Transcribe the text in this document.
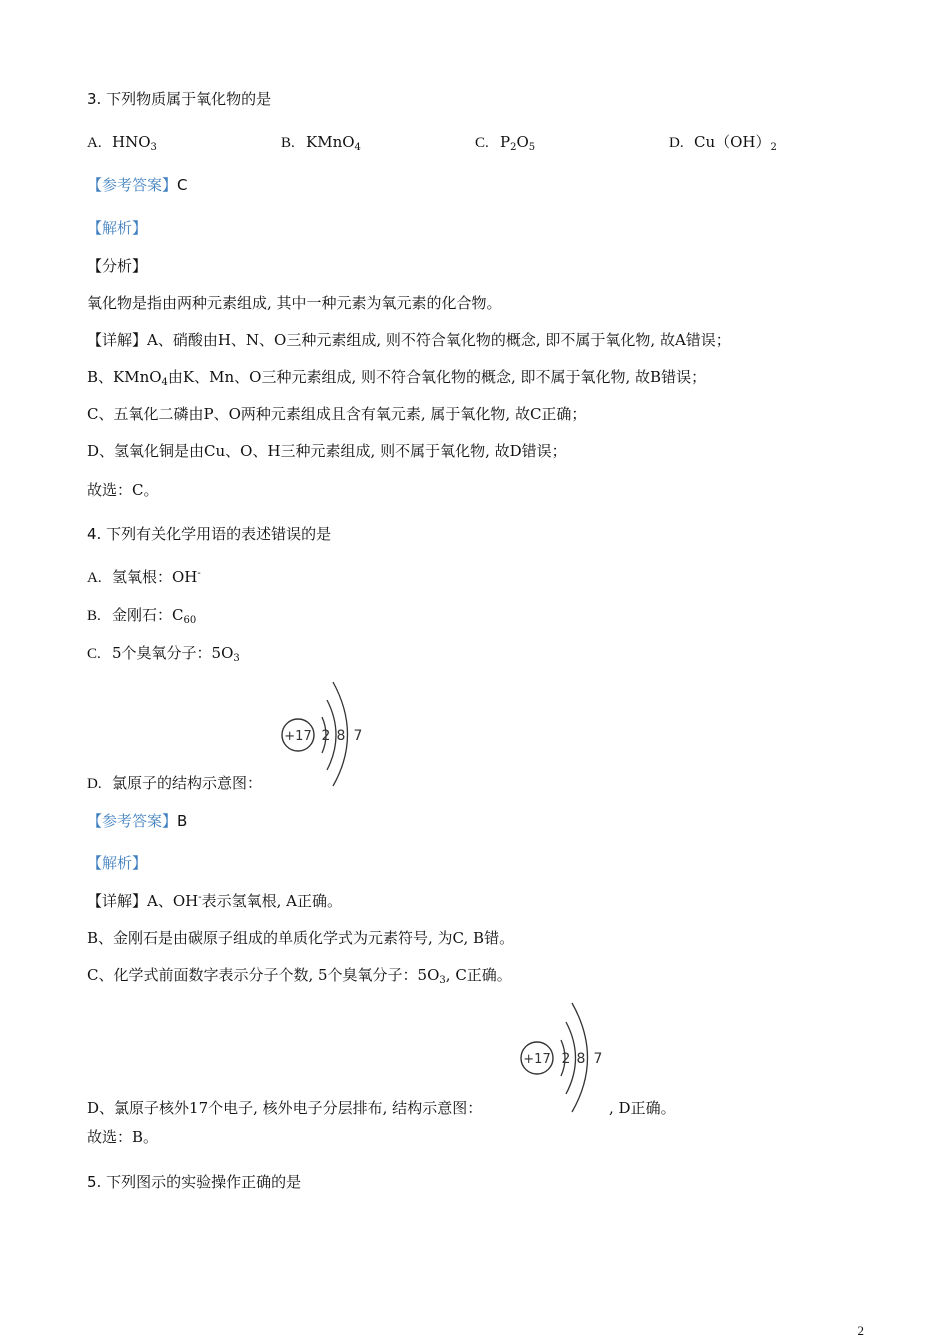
3. 下列物质属于氧化物的是
A. $HNO_3$	B. KMnO$_4$	C. $P_2O_5$	D. $Cu(OH)_2$
【参考答案】C
【解析】
【分析】
氧化物是指由两种元素组成, 其中一种元素为氧元素的化合物。
【详解】A、硝酸由H、N、O三种元素组成, 则不符合氧化物的概念, 即不属于氧化物, 故A错误；
B、KMnO$_4$由K、Mn、O三种元素组成, 则不符合氧化物的概念, 即不属于氧化物, 故B错误；
C、五氧化二磷由P、O两种元素组成且含有氧元素, 属于氧化物, 故C正确；
D、氢氧化铜是由Cu、O、H三种元素组成, 则不属于氧化物, 故D错误；
故选：C。
4. 下列有关化学用语的表述错误的是
A. 氢氧根：OH-
B. 金刚石：$C_{60}$
C. 5个臭氧分子：$5O_3$
+17 2 8 7
D. 氯原子的结构示意图：
【参考答案】B
【解析】
【详解】A、OH-表示氢氧根, A正确。
B、金刚石是由碳原子组成的单质化学式为元素符号, 为C, B错。
C、化学式前面数字表示分子个数, 5个臭氧分子：$5O_3$, C正确。
+17 2 8 7
D、氯原子核外17个电子, 核外电子分层排布, 结构示意图：	, D正确。
故选：B。
5. 下列图示的实验操作正确的是
2
